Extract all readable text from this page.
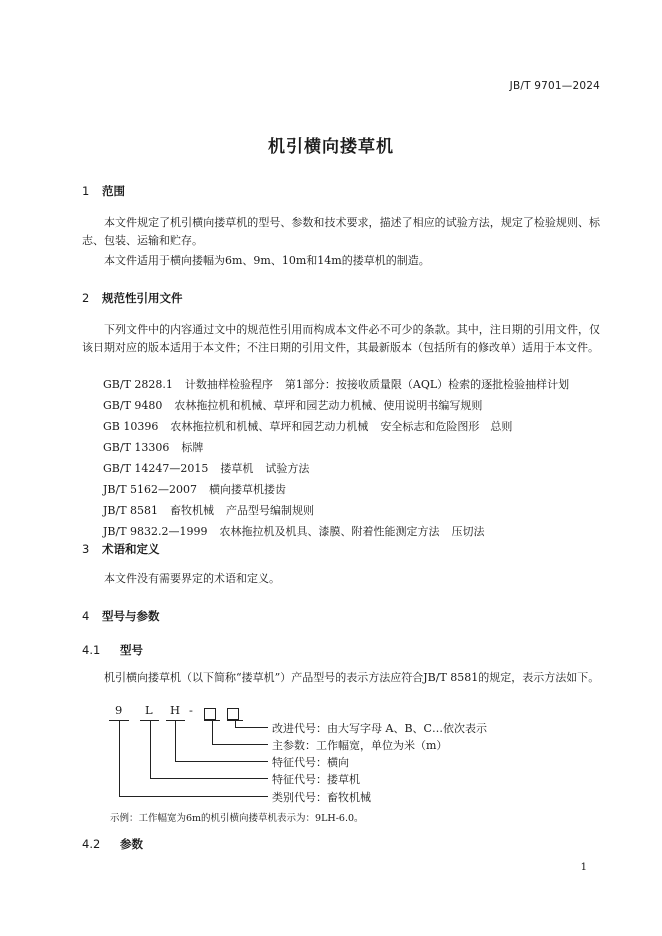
JB/T 9701—2024
机引横向搂草机
1 范围
本文件规定了机引横向搂草机的型号、参数和技术要求，描述了相应的试验方法，规定了检验规则、标志、包装、运输和贮存。
本文件适用于横向搂幅为6m、9m、10m和14m的搂草机的制造。
2 规范性引用文件
下列文件中的内容通过文中的规范性引用而构成本文件必不可少的条款。其中，注日期的引用文件，仅该日期对应的版本适用于本文件；不注日期的引用文件，其最新版本（包括所有的修改单）适用于本文件。
GB/T 2828.1 计数抽样检验程序 第1部分：按接收质量限（AQL）检索的逐批检验抽样计划
GB/T 9480 农林拖拉机和机械、草坪和园艺动力机械、使用说明书编写规则
GB 10396 农林拖拉机和机械、草坪和园艺动力机械 安全标志和危险图形　总则
GB/T 13306 标牌
GB/T 14247—2015 搂草机 试验方法
JB/T 5162—2007 横向搂草机搂齿
JB/T 8581 畜牧机械 产品型号编制规则
JB/T 9832.2—1999 农林拖拉机及机具、漆膜、附着性能测定方法 压切法
3 术语和定义
本文件没有需要界定的术语和定义。
4 型号与参数
4.1 型号
机引横向搂草机（以下简称“搂草机”）产品型号的表示方法应符合JB/T 8581的规定，表示方法如下。
9 L H -
改进代号：由大写字母 A、B、C…依次表示
主参数：工作幅宽，单位为米（m）
特征代号：横向
特征代号：搂草机
类别代号：畜牧机械
示例：工作幅宽为6m的机引横向搂草机表示为：9LH-6.0。
4.2 参数
1
